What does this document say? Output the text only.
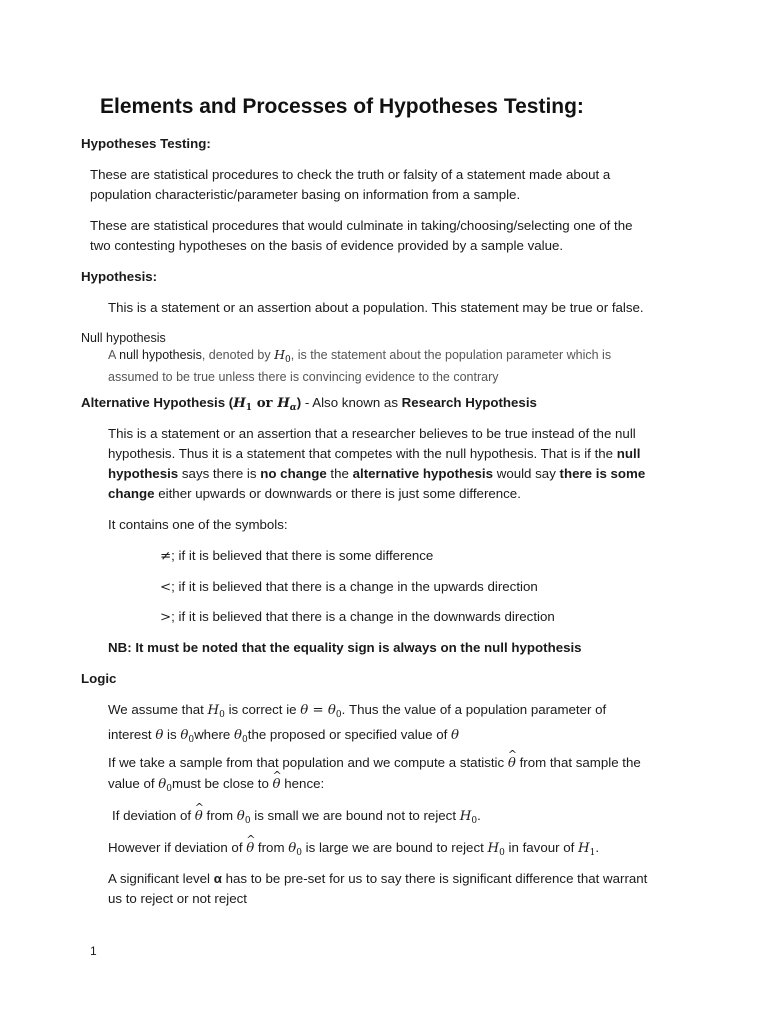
Elements and Processes of Hypotheses Testing:
Hypotheses Testing:
These are statistical procedures to check the truth or falsity of a statement made about a
population characteristic/parameter basing on information from a sample.
These are statistical procedures that would culminate in taking/choosing/selecting one of the
two contesting hypotheses on the basis of evidence provided by a sample value.
Hypothesis:
This is a statement or an assertion about a population. This statement may be true or false.
Null hypothesis
A null hypothesis, denoted by $H_0$, is the statement about the population parameter which is
assumed to be true unless there is convincing evidence to the contrary
Alternative Hypothesis ($H_1$ or $H_\alpha$) - Also known as Research Hypothesis
This is a statement or an assertion that a researcher believes to be true instead of the null
hypothesis. Thus it is a statement that competes with the null hypothesis. That is if the null
hypothesis says there is no change the alternative hypothesis would say there is some
change either upwards or downwards or there is just some difference.
It contains one of the symbols:
≠; if it is believed that there is some difference
<; if it is believed that there is a change in the upwards direction
>; if it is believed that there is a change in the downwards direction
NB: It must be noted that the equality sign is always on the null hypothesis
Logic
We assume that $H_0$ is correct ie $\theta = \theta_0$. Thus the value of a population parameter of
interest θ is $\theta_0where$ $\theta_0the$ proposed or specified value of θ
If we take a sample from that population and we compute a statistic ^ θ from that sample the
value of $\theta_0must$ be close to ^ θ hence:
If deviation of ^ θ from $\theta_0$ is small we are bound not to reject $H_0$.
However if deviation of ^ θ from $\theta_0$ is large we are bound to reject $H_0$ in favour of $H_1$.
A significant level α has to be pre-set for us to say there is significant difference that warrant
us to reject or not reject
1
